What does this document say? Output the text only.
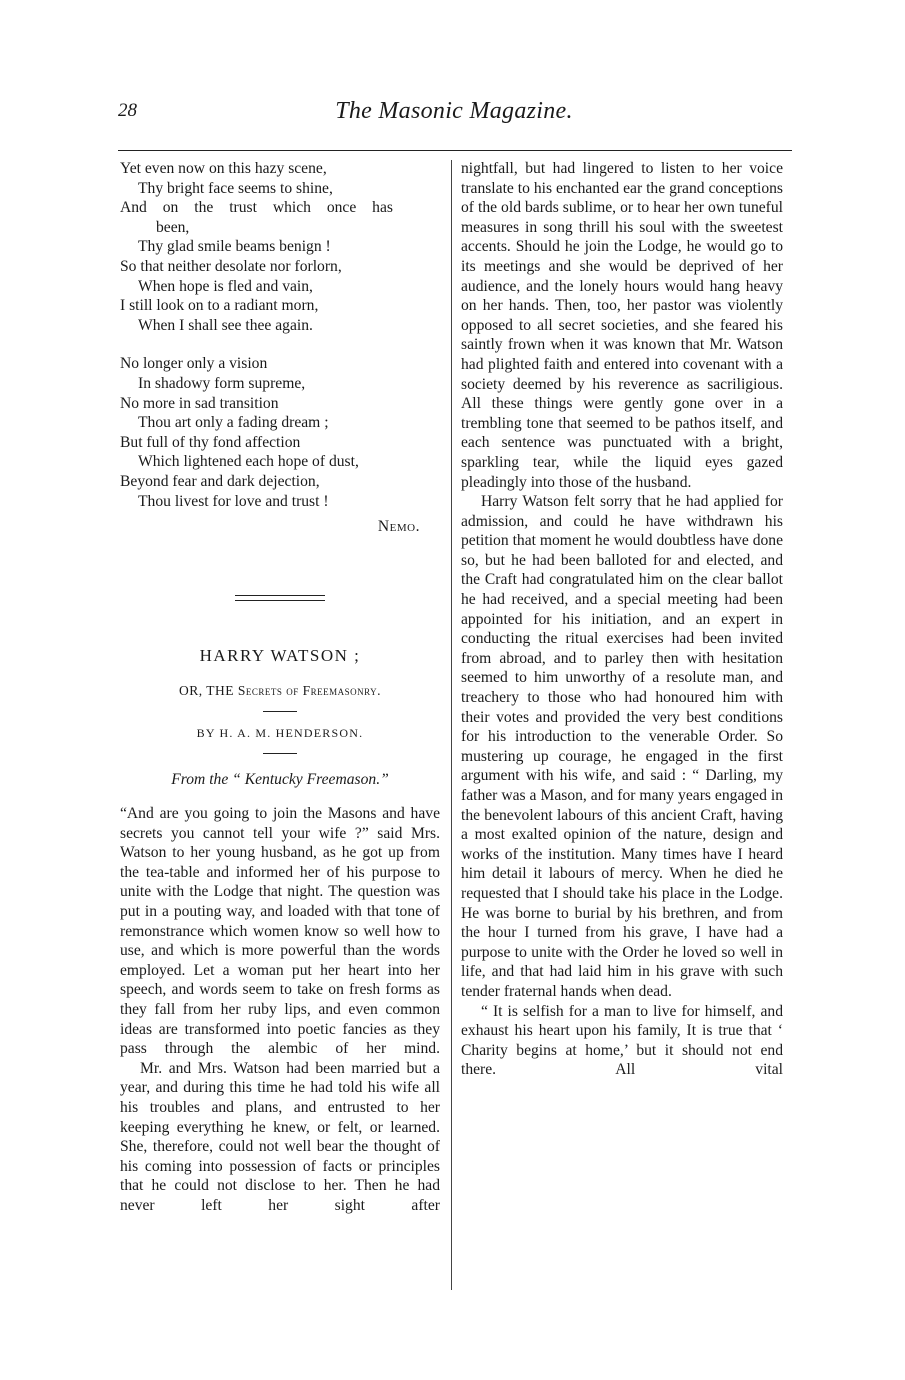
28	The Masonic Magazine.
Yet even now on this hazy scene,
Thy bright face seems to shine,
And on the trust which once has
been,
Thy glad smile beams benign !
So that neither desolate nor forlorn,
When hope is fled and vain,
I still look on to a radiant morn,
When I shall see thee again.
No longer only a vision
In shadowy form supreme,
No more in sad transition
Thou art only a fading dream ;
But full of thy fond affection
Which lightened each hope of dust,
Beyond fear and dark dejection,
Thou livest for love and trust !
Nemo.
HARRY WATSON ;
OR, THE Secrets of Freemasonry.
BY H. A. M. HENDERSON.
From the “ Kentucky Freemason.”

“And are you going to join the Masons and have secrets you cannot tell your wife ?” said Mrs. Watson to her young husband, as he got up from the tea-table and informed her of his purpose to unite with the Lodge that night. The question was put in a pouting way, and loaded with that tone of remonstrance which women know so well how to use, and which is more powerful than the words employed. Let a woman put her heart into her speech, and words seem to take on fresh forms as they fall from her ruby lips, and even common ideas are transformed into poetic fancies as they pass through the alembic of her mind.

Mr. and Mrs. Watson had been married but a year, and during this time he had told his wife all his troubles and plans, and entrusted to her keeping everything he knew, or felt, or learned. She, therefore, could not well bear the thought of his coming into possession of facts or principles that he could not disclose to her. Then he had never left her sight after

nightfall, but had lingered to listen to her voice translate to his enchanted ear the grand conceptions of the old bards sublime, or to hear her own tuneful measures in song thrill his soul with the sweetest accents. Should he join the Lodge, he would go to its meetings and she would be deprived of her audience, and the lonely hours would hang heavy on her hands. Then, too, her pastor was violently opposed to all secret societies, and she feared his saintly frown when it was known that Mr. Watson had plighted faith and entered into covenant with a society deemed by his reverence as sacriligious. All these things were gently gone over in a trembling tone that seemed to be pathos itself, and each sentence was punctuated with a bright, sparkling tear, while the liquid eyes gazed pleadingly into those of the husband.

Harry Watson felt sorry that he had applied for admission, and could he have withdrawn his petition that moment he would doubtless have done so, but he had been balloted for and elected, and the Craft had congratulated him on the clear ballot he had received, and a special meeting had been appointed for his initiation, and an expert in conducting the ritual exercises had been invited from abroad, and to parley then with hesitation seemed to him unworthy of a resolute man, and treachery to those who had honoured him with their votes and provided the very best conditions for his introduction to the venerable Order. So mustering up courage, he engaged in the first argument with his wife, and said : “ Darling, my father was a Mason, and for many years engaged in the benevolent labours of this ancient Craft, having a most exalted opinion of the nature, design and works of the institution. Many times have I heard him detail it labours of mercy. When he died he requested that I should take his place in the Lodge. He was borne to burial by his brethren, and from the hour I turned from his grave, I have had a purpose to unite with the Order he loved so well in life, and that had laid him in his grave with such tender fraternal hands when dead.

“ It is selfish for a man to live for himself, and exhaust his heart upon his family, It is true that ‘ Charity begins at home,’ but it should not end there. All vital
